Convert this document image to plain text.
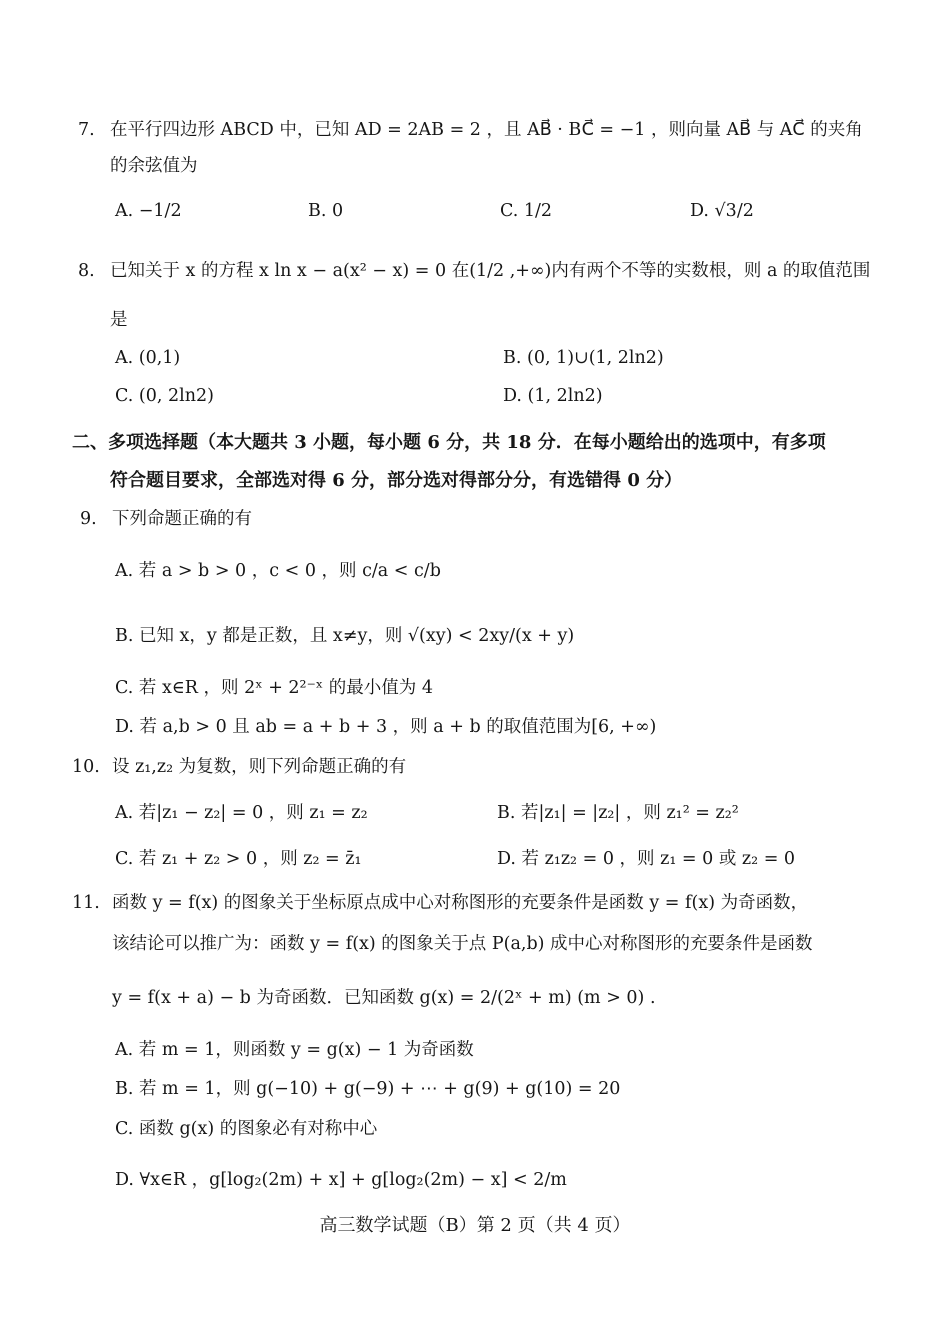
7. 在平行四边形 ABCD 中，已知 AD = 2AB = 2 ，且 AB⃗ · BC⃗ = −1 ，则向量 AB⃗ 与 AC⃗ 的夹角
的余弦值为
A. −1/2	B. 0	C. 1/2	D. √3/2
8. 已知关于 x 的方程 x ln x − a(x² − x) = 0 在(1/2 ,+∞)内有两个不等的实数根，则 a 的取值范围
是
A. (0,1)	B. (0, 1)∪(1, 2ln2)
C. (0, 2ln2)	D. (1, 2ln2)
二、多项选择题（本大题共 3 小题，每小题 6 分，共 18 分．在每小题给出的选项中，有多项
符合题目要求，全部选对得 6 分，部分选对得部分分，有选错得 0 分）
9. 下列命题正确的有
A. 若 a > b > 0 ，c < 0 ，则 c/a < c/b
B. 已知 x，y 都是正数，且 x≠y，则 √(xy) < 2xy/(x + y)
C. 若 x∈R ，则 2ˣ + 2²⁻ˣ 的最小值为 4
D. 若 a,b > 0 且 ab = a + b + 3 ，则 a + b 的取值范围为[6, +∞)
10. 设 z₁,z₂ 为复数，则下列命题正确的有
A. 若|z₁ − z₂| = 0 ，则 z₁ = z₂	B. 若|z₁| = |z₂| ，则 z₁² = z₂²
C. 若 z₁ + z₂ > 0 ，则 z₂ = z̄₁	D. 若 z₁z₂ = 0 ，则 z₁ = 0 或 z₂ = 0
11. 函数 y = f(x) 的图象关于坐标原点成中心对称图形的充要条件是函数 y = f(x) 为奇函数，
该结论可以推广为：函数 y = f(x) 的图象关于点 P(a,b) 成中心对称图形的充要条件是函数
y = f(x + a) − b 为奇函数．已知函数 g(x) = 2/(2ˣ + m) (m > 0) .
A. 若 m = 1，则函数 y = g(x) − 1 为奇函数
B. 若 m = 1，则 g(−10) + g(−9) + ⋯ + g(9) + g(10) = 20
C. 函数 g(x) 的图象必有对称中心
D. ∀x∈R ，g[log₂(2m) + x] + g[log₂(2m) − x] < 2/m
高三数学试题（B）第 2 页（共 4 页）
